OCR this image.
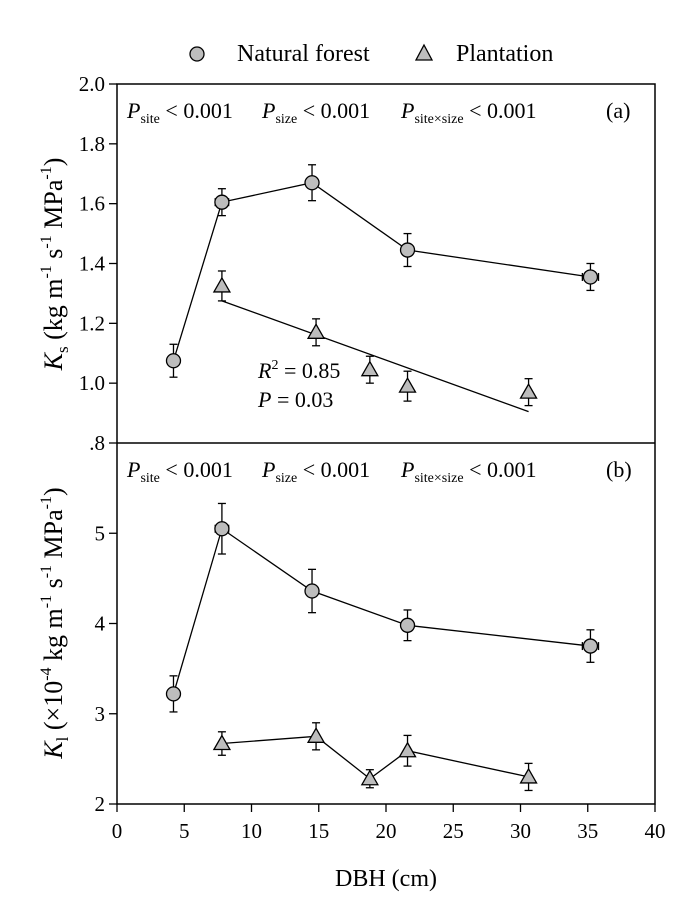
Natural forest	Plantation
$P_{site} < 0.001$ $P_{size} < 0.001$ $P_{site\times size} < 0.001$	(a)
$R^2 = 0.85$
P = 0.03
$P_{site} < 0.001$ $P_{size} < 0.001$ $P_{site\times size} < 0.001$	(b)
$K_s$ (kg $m^{-1}$ $s^{-1}$ MPa$^{-1}$)
$K_l$ ($\times 10^{-4}$ kg $m^{-1}$ $s^{-1}$ MPa$^{-1}$)
.8
DBH (cm)
0	5 10 15 20 25 30 35 40
1.0
1.2
1.4
1.6
1.8
2.0
2
3
4
5
